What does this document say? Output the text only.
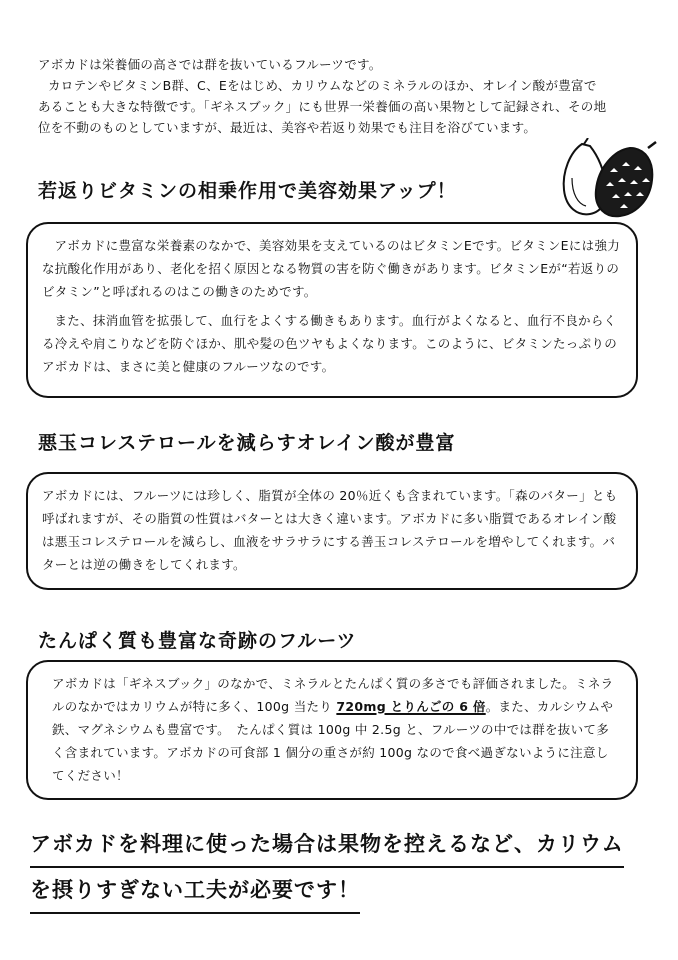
アボカドは栄養価の高さでは群を抜いているフルーツです。

カロテンやビタミンB群、C、Eをはじめ、カリウムなどのミネラルのほか、オレイン酸が豊富で

あることも大きな特徴です。「ギネスブック」にも世界一栄養価の高い果物として記録され、その地

位を不動のものとしていますが、最近は、美容や若返り効果でも注目を浴びています。

若返りビタミンの相乗作用で美容効果アップ！

アボカドに豊富な栄養素のなかで、美容効果を支えているのはビタミンEです。ビタミンEには強力な抗酸化作用があり、老化を招く原因となる物質の害を防ぐ働きがあります。ビタミンEが“若返りのビタミン”と呼ばれるのはこの働きのためです。

また、抹消血管を拡張して、血行をよくする働きもあります。血行がよくなると、血行不良からくる冷えや肩こりなどを防ぐほか、肌や髪の色ツヤもよくなります。このように、ビタミンたっぷりのアボカドは、まさに美と健康のフルーツなのです。

悪玉コレステロールを減らすオレイン酸が豊富

アボカドには、フルーツには珍しく、脂質が全体の 20％近くも含まれています。「森のバター」とも呼ばれますが、その脂質の性質はバターとは大きく違います。アボカドに多い脂質であるオレイン酸は悪玉コレステロールを減らし、血液をサラサラにする善玉コレステロールを増やしてくれます。バターとは逆の働きをしてくれます。

たんぱく質も豊富な奇跡のフルーツ

アボカドは「ギネスブック」のなかで、ミネラルとたんぱく質の多さでも評価されました。ミネラルのなかではカリウムが特に多く、100g 当たり 720mg とりんごの 6 倍。また、カルシウムや鉄、マグネシウムも豊富です。　たんぱく質は 100g 中 2.5g と、フルーツの中では群を抜いて多く含まれています。アボカドの可食部 1 個分の重さが約 100g なので食べ過ぎないように注意してください！

アボカドを料理に使った場合は果物を控えるなど、カリウム
を摂りすぎない工夫が必要です！
